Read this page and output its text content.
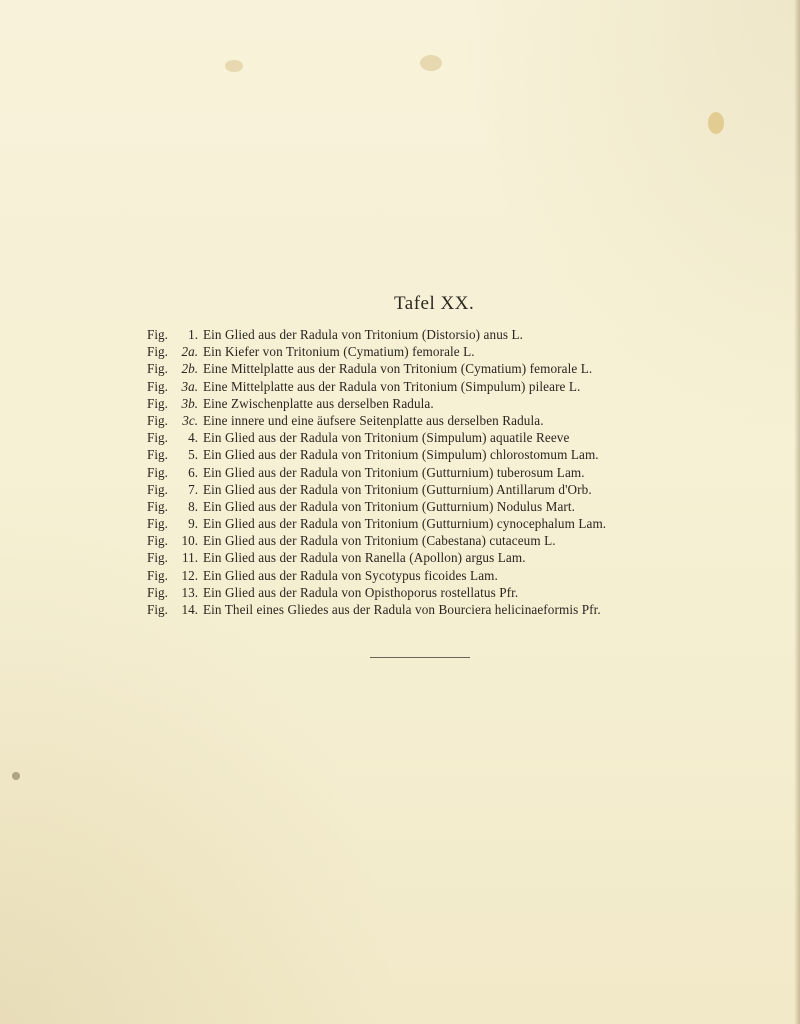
Tafel XX.
Fig.	1. Ein Glied aus der Radula von Tritonium (Distorsio) anus L.
Fig.	2a. Ein Kiefer von Tritonium (Cymatium) femorale L.
Fig.	2b. Eine Mittelplatte aus der Radula von Tritonium (Cymatium) femorale L.
Fig.	3a. Eine Mittelplatte aus der Radula von Tritonium (Simpulum) pileare L.
Fig.	3b. Eine Zwischenplatte aus derselben Radula.
Fig.	3c. Eine innere und eine äufsere Seitenplatte aus derselben Radula.
Fig.	4. Ein Glied aus der Radula von Tritonium (Simpulum) aquatile Reeve
Fig.	5. Ein Glied aus der Radula von Tritonium (Simpulum) chlorostomum Lam.
Fig.	6. Ein Glied aus der Radula von Tritonium (Gutturnium) tuberosum Lam.
Fig.	7. Ein Glied aus der Radula von Tritonium (Gutturnium) Antillarum d'Orb.
Fig.	8. Ein Glied aus der Radula von Tritonium (Gutturnium) Nodulus Mart.
Fig.	9. Ein Glied aus der Radula von Tritonium (Gutturnium) cynocephalum Lam.
Fig.	10. Ein Glied aus der Radula von Tritonium (Cabestana) cutaceum L.
Fig.	11. Ein Glied aus der Radula von Ranella (Apollon) argus Lam.
Fig.	12. Ein Glied aus der Radula von Sycotypus ficoides Lam.
Fig.	13. Ein Glied aus der Radula von Opisthoporus rostellatus Pfr.
Fig.	14. Ein Theil eines Gliedes aus der Radula von Bourciera helicinaeformis Pfr.
